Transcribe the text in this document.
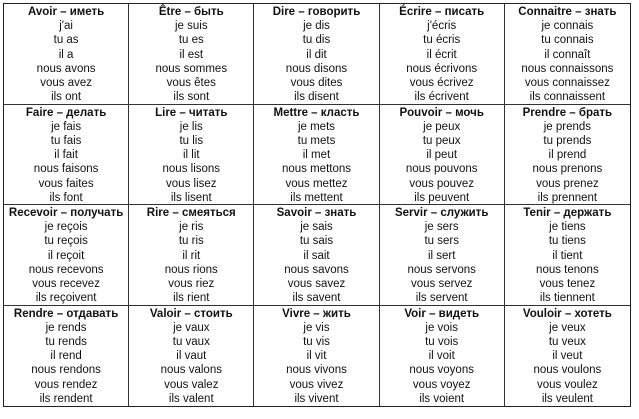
Avoir – иметь
j'ai
tu as
il a
nous avons
vous avez
ils ont
Être – быть
je suis
tu es
il est
nous sommes
vous êtes
ils sont
Dire – говорить
je dis
tu dis
il dit
nous disons
vous dites
ils disent
Écrire – писать
j'écris
tu écris
il écrit
nous écrivons
vous écrivez
ils écrivent
Connaitre – знать
je connais
tu connais
il connaît
nous connaissons
vous connaissez
ils connaissent
Faire – делать
je fais
tu fais
il fait
nous faisons
vous faites
ils font
Lire – читать
je lis
tu lis
il lit
nous lisons
vous lisez
ils lisent
Mettre – класть
je mets
tu mets
il met
nous mettons
vous mettez
ils mettent
Pouvoir – мочь
je peux
tu peux
il peut
nous pouvons
vous pouvez
ils peuvent
Prendre – брать
je prends
tu prends
il prend
nous prenons
vous prenez
ils prennent
Recevoir – получать
je reçois
tu reçois
il reçoit
nous recevons
vous recevez
ils reçoivent
Rire – смеяться
je ris
tu ris
il rit
nous rions
vous riez
ils rient
Savoir – знать
je sais
tu sais
il sait
nous savons
vous savez
ils savent
Servir – служить
je sers
tu sers
il sert
nous servons
vous servez
ils servent
Tenir – держать
je tiens
tu tiens
il tient
nous tenons
vous tenez
ils tiennent
Rendre – отдавать
je rends
tu rends
il rend
nous rendons
vous rendez
ils rendent
Valoir – стоить
je vaux
tu vaux
il vaut
nous valons
vous valez
ils valent
Vivre – жить
je vis
tu vis
il vit
nous vivons
vous vivez
ils vivent
Voir – видеть
je vois
tu vois
il voit
nous voyons
vous voyez
ils voient
Vouloir – хотеть
je veux
tu veux
il veut
nous voulons
vous voulez
ils veulent
